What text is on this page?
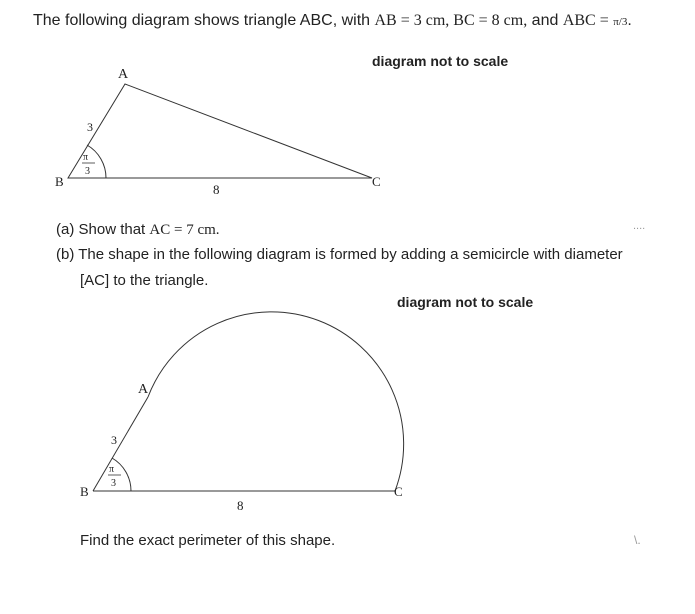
The following diagram shows triangle ABC, with AB = 3 cm, BC = 8 cm, and ABC = π/3.
diagram not to scale
A
B	C
3
8
π
3
A
B	C
3
8
π
3
(a) Show that AC = 7 cm.	....
(b) The shape in the following diagram is formed by adding a semicircle with diameter
[AC] to the triangle.
diagram not to scale
Find the exact perimeter of this shape.	\.
